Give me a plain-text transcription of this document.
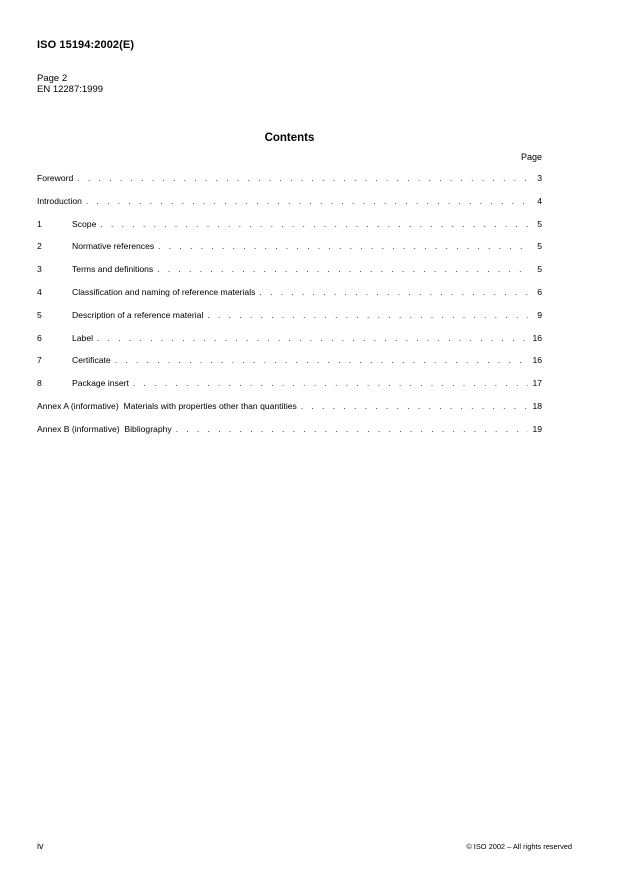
ISO 15194:2002(E)
Page 2
EN 12287:1999
Contents
Page
Foreword . . .	3
Introduction . . .	4
1	Scope . . .	5
2	Normative references . . .	5
3	Terms and definitions . . .	5
4	Classification and naming of reference materials . . .	6
5	Description of a reference material . . .	9
6	Label . . .	16
7	Certificate . . .	16
8	Package insert . . .	17
Annex A (informative)  Materials with properties other than quantities . . .	18
Annex B (informative)  Bibliography . . .	19
iv	© ISO 2002 – All rights reserved
